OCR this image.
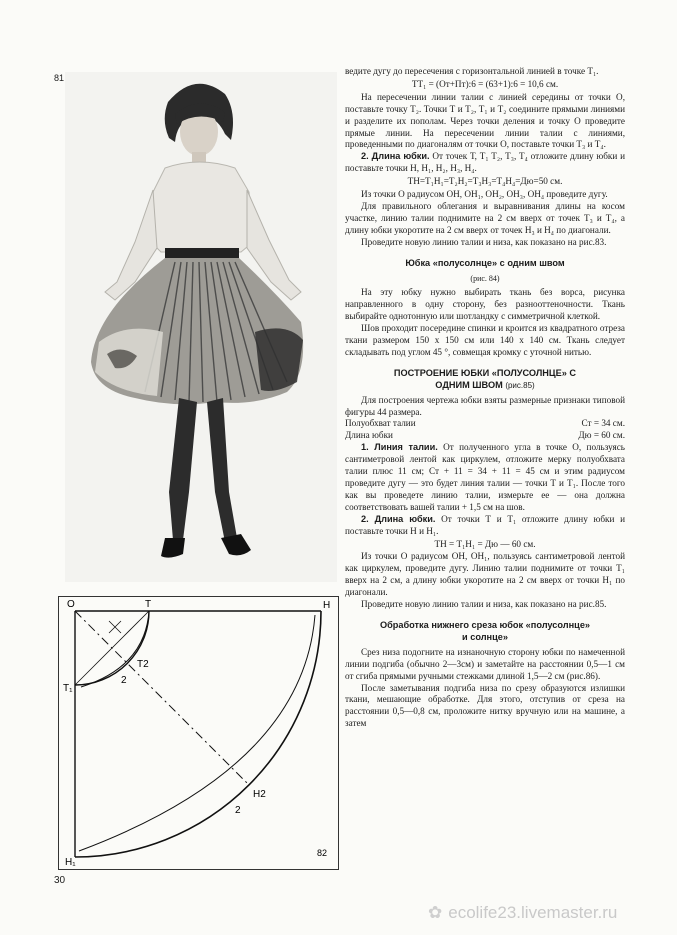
81
O	T	H
T₁
T2
2
H2
2
H₁
82
30

ведите дугу до пересечения с горизонтальной линией в точке Т₁.

ТТ₁ = (От+Пт):6 = (63+1):6 = 10,6 см.

На пересечении линии талии с линией середины от точки О, поставьте точку Т₂. Точки Т и Т₂, Т₁ и Т₂ соедините прямыми линиями и разделите их пополам. Через точки деления и точку О проведите прямые линии. На пересечении линии талии с линиями, проведенными по диагоналям от точки О, поставьте точки Т₃ и Т₄.

2. Длина юбки. От точек Т, Т₁ Т₂, Т₃, Т₄ отложите длину юбки и поставьте точки Н, Н₁, Н₂, Н₃, Н₄.

ТН=Т₁Н₁=Т₂Н₂=Т₃Н₃=Т₄Н₄=Дю=50 см.

Из точки О радиусом ОН, ОН₁, ОН₂, ОН₃, ОН₄ проведите дугу.

Для правильного облегания и выравнивания длины на косом участке, линию талии поднимите на 2 см вверх от точек Т₃ и Т₄, а длину юбки укоротите на 2 см вверх от точек Н₃ и Н₄ по диагонали.

Проведите новую линию талии и низа, как показано на рис.83.

Юбка «полусолнце» с одним швом

(рис. 84)

На эту юбку нужно выбирать ткань без ворса, рисунка направленного в одну сторону, без разнооттеночности. Ткань выбирайте однотонную или шотландку с симметричной клеткой.

Шов проходит посередине спинки и кроится из квадратного отреза ткани размером 150 х 150 см или 140 х 140 см. Ткань следует складывать под углом 45 °, совмещая кромку с уточной нитью.

ПОСТРОЕНИЕ ЮБКИ «ПОЛУСОЛНЦЕ» С
ОДНИМ ШВОМ (рис.85)

Для построения чертежа юбки взяты размерные признаки типовой фигуры 44 размера.

Полуобхват талии	Ст = 34 см.
Длина юбки	Дю = 60 см.

1. Линия талии. От полученного угла в точке О, пользуясь сантиметровой лентой как циркулем, отложите мерку полуобхвата талии плюс 11 см; Ст + 11 = 34 + 11 = 45 см и этим радиусом проведите дугу — это будет линия талии — точки Т и Т₁. После того как вы проведете линию талии, измерьте ее — она должна соответствовать вашей талии + 1,5 см на шов.

2. Длина юбки. От точки Т и Т₁ отложите длину юбки и поставьте точки Н и Н₁.

ТН = Т₁Н₁ = Дю — 60 см.

Из точки О радиусом ОН, ОН₁, пользуясь сантиметровой лентой как циркулем, проведите дугу. Линию талии поднимите от точки Т₁ вверх на 2 см, а длину юбки укоротите на 2 см вверх от точки Н₁ по диагонали.

Проведите новую линию талии и низа, как показано на рис.85.

Обработка нижнего среза юбок «полусолнце»
и солнце»

Срез низа подогните на изнаночную сторону юбки по намеченной линии подгиба (обычно 2—3см) и заметайте на расстоянии 0,5—1 см от сгиба прямыми ручными стежками длиной 1,5—2 см (рис.86).

После заметывания подгиба низа по срезу образуются излишки ткани, мешающие обработке. Для этого, отступив от среза на расстоянии 0,5—0,8 см, проложите нитку вручную или на машине, а затем

✿ ecolife23.livemaster.ru
